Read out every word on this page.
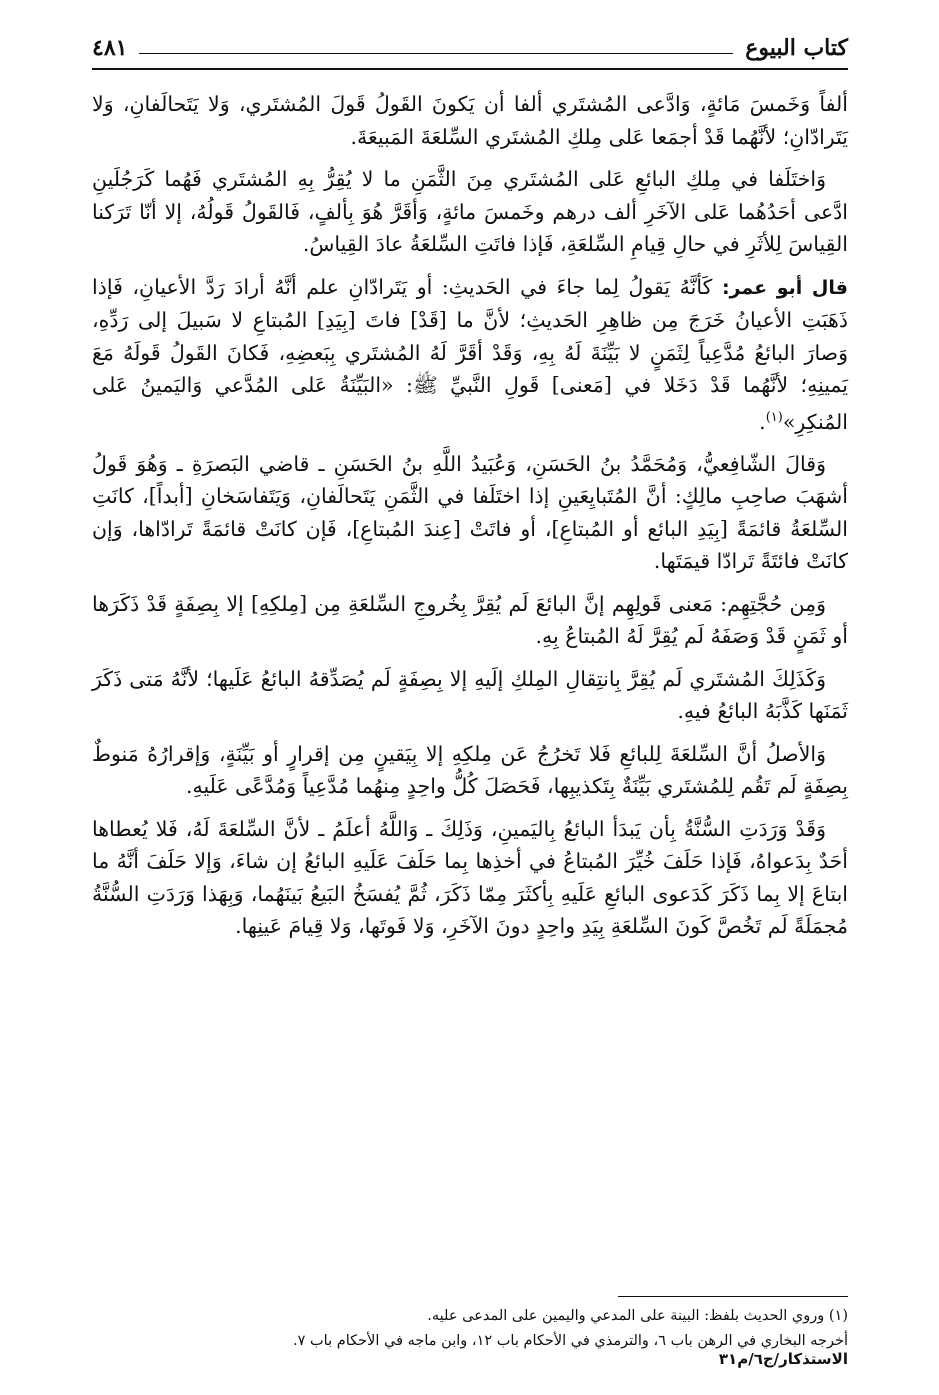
كتاب البيوع
٤٨١

ألفاً وَخَمسَ مَائةٍ، وَادَّعى المُشتَري ألفا أن يَكونَ القَولُ قَولَ المُشتَري، وَلا يَتَحالَفانِ، وَلا يَتَرادّانِ؛ لأنَّهُما قَدْ أجمَعا عَلى مِلكِ المُشتَري السِّلعَةَ المَبيعَةَ.

وَاختَلَفا في مِلكِ البائعِ عَلى المُشتَري مِنَ الثَّمَنِ ما لا يُقِرُّ بِهِ المُشتَري فَهُما كَرَجُلَينِ ادَّعى أحَدُهُما عَلى الآخَرِ ألف درهم وخَمسَ مائةٍ، وَأقَرَّ هُوَ بِألفٍ، فَالقَولُ قَولُهُ، إلا أنّا تَرَكنا القِياسَ لِلأثَرِ في حالِ قِيامِ السِّلعَةِ، فَإذا فاتَتِ السِّلعَةُ عادَ القِياسُ.

قال أبو عمر: كَأنَّهُ يَقولُ لِما جاءَ في الحَديثِ: أو يَتَرادّانِ علم أنَّهُ أرادَ رَدَّ الأعيانِ، فَإذا ذَهَبَتِ الأعيانُ خَرَجَ مِن ظاهِرِ الحَديثِ؛ لأنَّ ما [قَدْ] فاتَ [بِيَدِ] المُبتاعِ لا سَبيلَ إلى رَدِّهِ، وَصارَ البائعُ مُدَّعِياً لِثَمَنٍ لا بَيِّنَةَ لَهُ بِهِ، وَقَدْ أقَرَّ لَهُ المُشتَري بِبَعضِهِ، فَكانَ القَولُ قَولَهُ مَعَ يَمينِهِ؛ لأنَّهُما قَدْ دَخَلا في [مَعنى] قَولِ النَّبيِّ ﷺ: «البَيِّنَةُ عَلى المُدَّعي وَاليَمينُ عَلى المُنكِرِ»$^{(١)}$.

وَقالَ الشّافِعيُّ، وَمُحَمَّدُ بنُ الحَسَنِ، وَعُبَيدُ اللَّهِ بنُ الحَسَنِ ـ قاضي البَصرَةِ ـ وَهُوَ قَولُ أشهَبَ صاحِبِ مالِكٍ: أنَّ المُتَبايِعَينِ إذا اختَلَفا في الثَّمَنِ يَتَحالَفانِ، وَيَتَفاسَخانِ [أبداً]، كانَتِ السِّلعَةُ قائمَةً [بِيَدِ البائع أو المُبتاعِ]، أو فاتَتْ [عِندَ المُبتاعِ]، فَإن كانَتْ قائمَةً تَرادّاها، وَإن كانَتْ فائتَةً تَرادّا قيمَتَها.

وَمِن حُجَّتِهِم: مَعنى قَولِهِم إنَّ البائعَ لَم يُقِرَّ بِخُروجِ السِّلعَةِ مِن [مِلكِهِ] إلا بِصِفَةٍ قَدْ ذَكَرَها أو ثَمَنٍ قَدْ وَصَفَهُ لَم يُقِرَّ لَهُ المُبتاعُ بِهِ.

وَكَذَلِكَ المُشتَري لَم يُقِرَّ بِانتِقالِ المِلكِ إلَيهِ إلا بِصِفَةٍ لَم يُصَدِّقهُ البائعُ عَلَيها؛ لأنَّهُ مَتى ذَكَرَ ثَمَنَها كَذَّبَهُ البائعُ فيهِ.

وَالأصلُ أنَّ السِّلعَةَ لِلبائعِ فَلا تَخرُجُ عَن مِلكِهِ إلا بِيَقينٍ مِن إقرارٍ أو بَيِّنَةٍ، وَإقرارُهُ مَنوطٌ بِصِفَةٍ لَم تَقُم لِلمُشتَري بَيِّنَةٌ بِتَكذيبِها، فَحَصَلَ كُلُّ واحِدٍ مِنهُما مُدَّعِياً وَمُدَّعًى عَلَيهِ.

وَقَدْ وَرَدَتِ السُّنَّةُ بِأن يَبدَأ البائعُ بِاليَمينِ، وَذَلِكَ ـ وَاللَّهُ أعلَمُ ـ لأنَّ السِّلعَةَ لَهُ، فَلا يُعطاها أحَدٌ بِدَعواهُ، فَإذا حَلَفَ خُيِّرَ المُبتاعُ في أخذِها بِما حَلَفَ عَلَيهِ البائعُ إن شاءَ، وَإلا حَلَفَ أنَّهُ ما ابتاعَ إلا بِما ذَكَرَ كَدَعوى البائعِ عَلَيهِ بِأكثَرَ مِمّا ذَكَرَ، ثُمَّ يُفسَخُ البَيعُ بَينَهُما، وَبِهَذا وَرَدَتِ السُّنَّةُ مُجمَلَةً لَم تَخُصَّ كَونَ السِّلعَةِ بِيَدِ واحِدٍ دونَ الآخَرِ، وَلا فَوتَها، وَلا قِيامَ عَينِها.

(١) وروي الحديث بلفظ: البينة على المدعي واليمين على المدعى عليه.
أخرجه البخاري في الرهن باب ٦، والترمذي في الأحكام باب ١٢، وابن ماجه في الأحكام باب ٧.
الاستذكار/ج٦/م٣١
